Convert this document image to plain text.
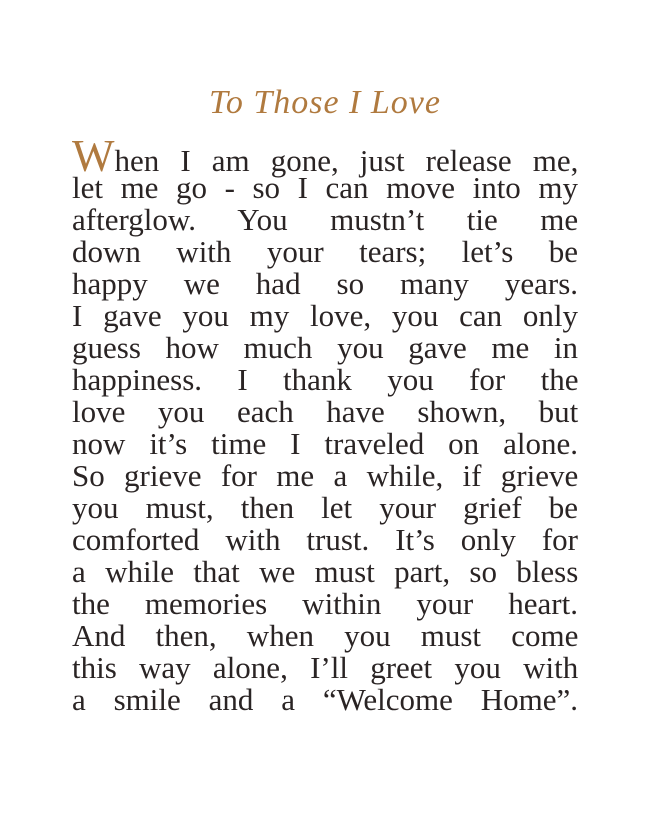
To Those I Love
When I am gone, just release me,
let me go - so I can move into my
afterglow. You mustn’t tie me
down with your tears; let’s be
happy we had so many years.
I gave you my love, you can only
guess how much you gave me in
happiness. I thank you for the
love you each have shown, but
now it’s time I traveled on alone.
So grieve for me a while, if grieve
you must, then let your grief be
comforted with trust. It’s only for
a while that we must part, so bless
the memories within your heart.
And then, when you must come
this way alone, I’ll greet you with
a smile and a “Welcome Home”.
